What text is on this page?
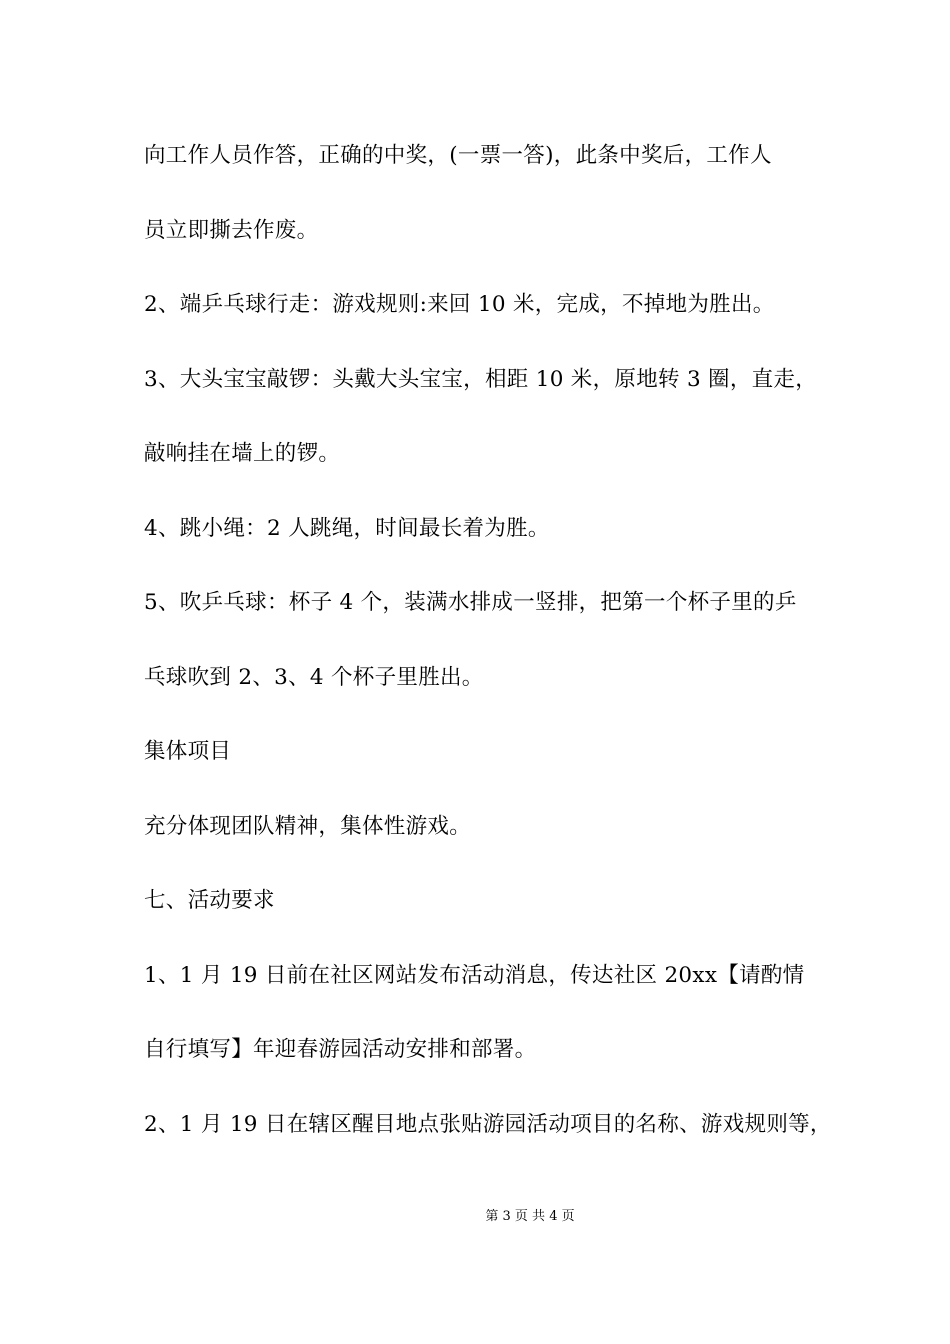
向工作人员作答，正确的中奖，(一票一答)，此条中奖后，工作人
员立即撕去作废。
2、端乒乓球行走：游戏规则:来回 10 米，完成，不掉地为胜出。
3、大头宝宝敲锣：头戴大头宝宝，相距 10 米，原地转 3 圈，直走，
敲响挂在墙上的锣。
4、跳小绳：2 人跳绳，时间最长着为胜。
5、吹乒乓球：杯子 4 个，装满水排成一竖排，把第一个杯子里的乒
乓球吹到 2、3、4 个杯子里胜出。
集体项目
充分体现团队精神，集体性游戏。
七、活动要求
1、1 月 19 日前在社区网站发布活动消息，传达社区 20xx【请酌情
自行填写】年迎春游园活动安排和部署。
2、1 月 19 日在辖区醒目地点张贴游园活动项目的名称、游戏规则等，
第 3 页 共 4 页
